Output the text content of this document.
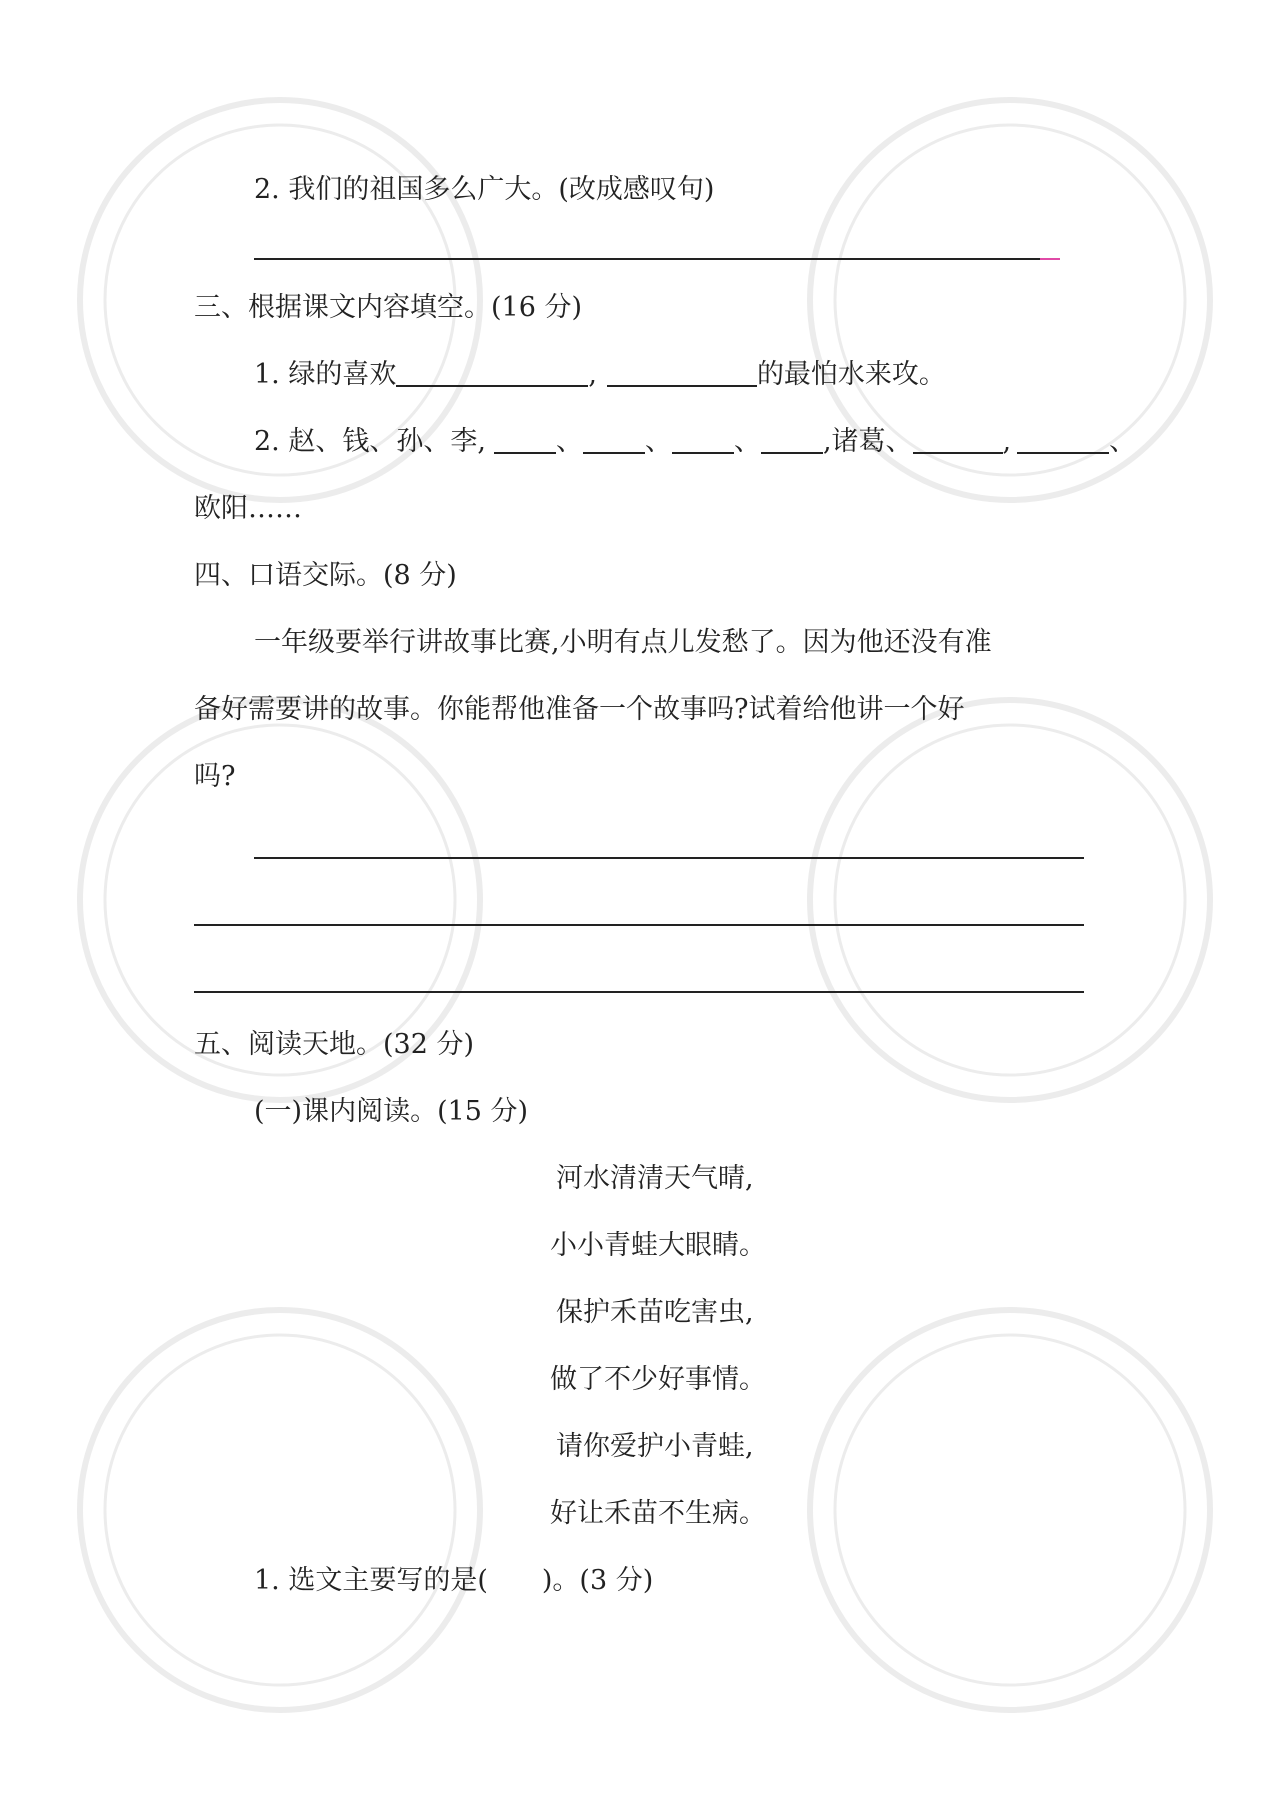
2. 我们的祖国多么广大。(改成感叹句)
三、根据课文内容填空。(16 分)
1. 绿的喜欢	,	的最怕水来攻。
2. 赵、钱、孙、李,	、 、 、 ,诸葛、	,	、
欧阳……
四、口语交际。(8 分)
一年级要举行讲故事比赛,小明有点儿发愁了。因为他还没有准
备好需要讲的故事。你能帮他准备一个故事吗?试着给他讲一个好
吗?
五、阅读天地。(32 分)
(一)课内阅读。(15 分)
河水清清天气晴,
小小青蛙大眼睛。
保护禾苗吃害虫,
做了不少好事情。
请你爱护小青蛙,
好让禾苗不生病。
1. 选文主要写的是(　　)。(3 分)
